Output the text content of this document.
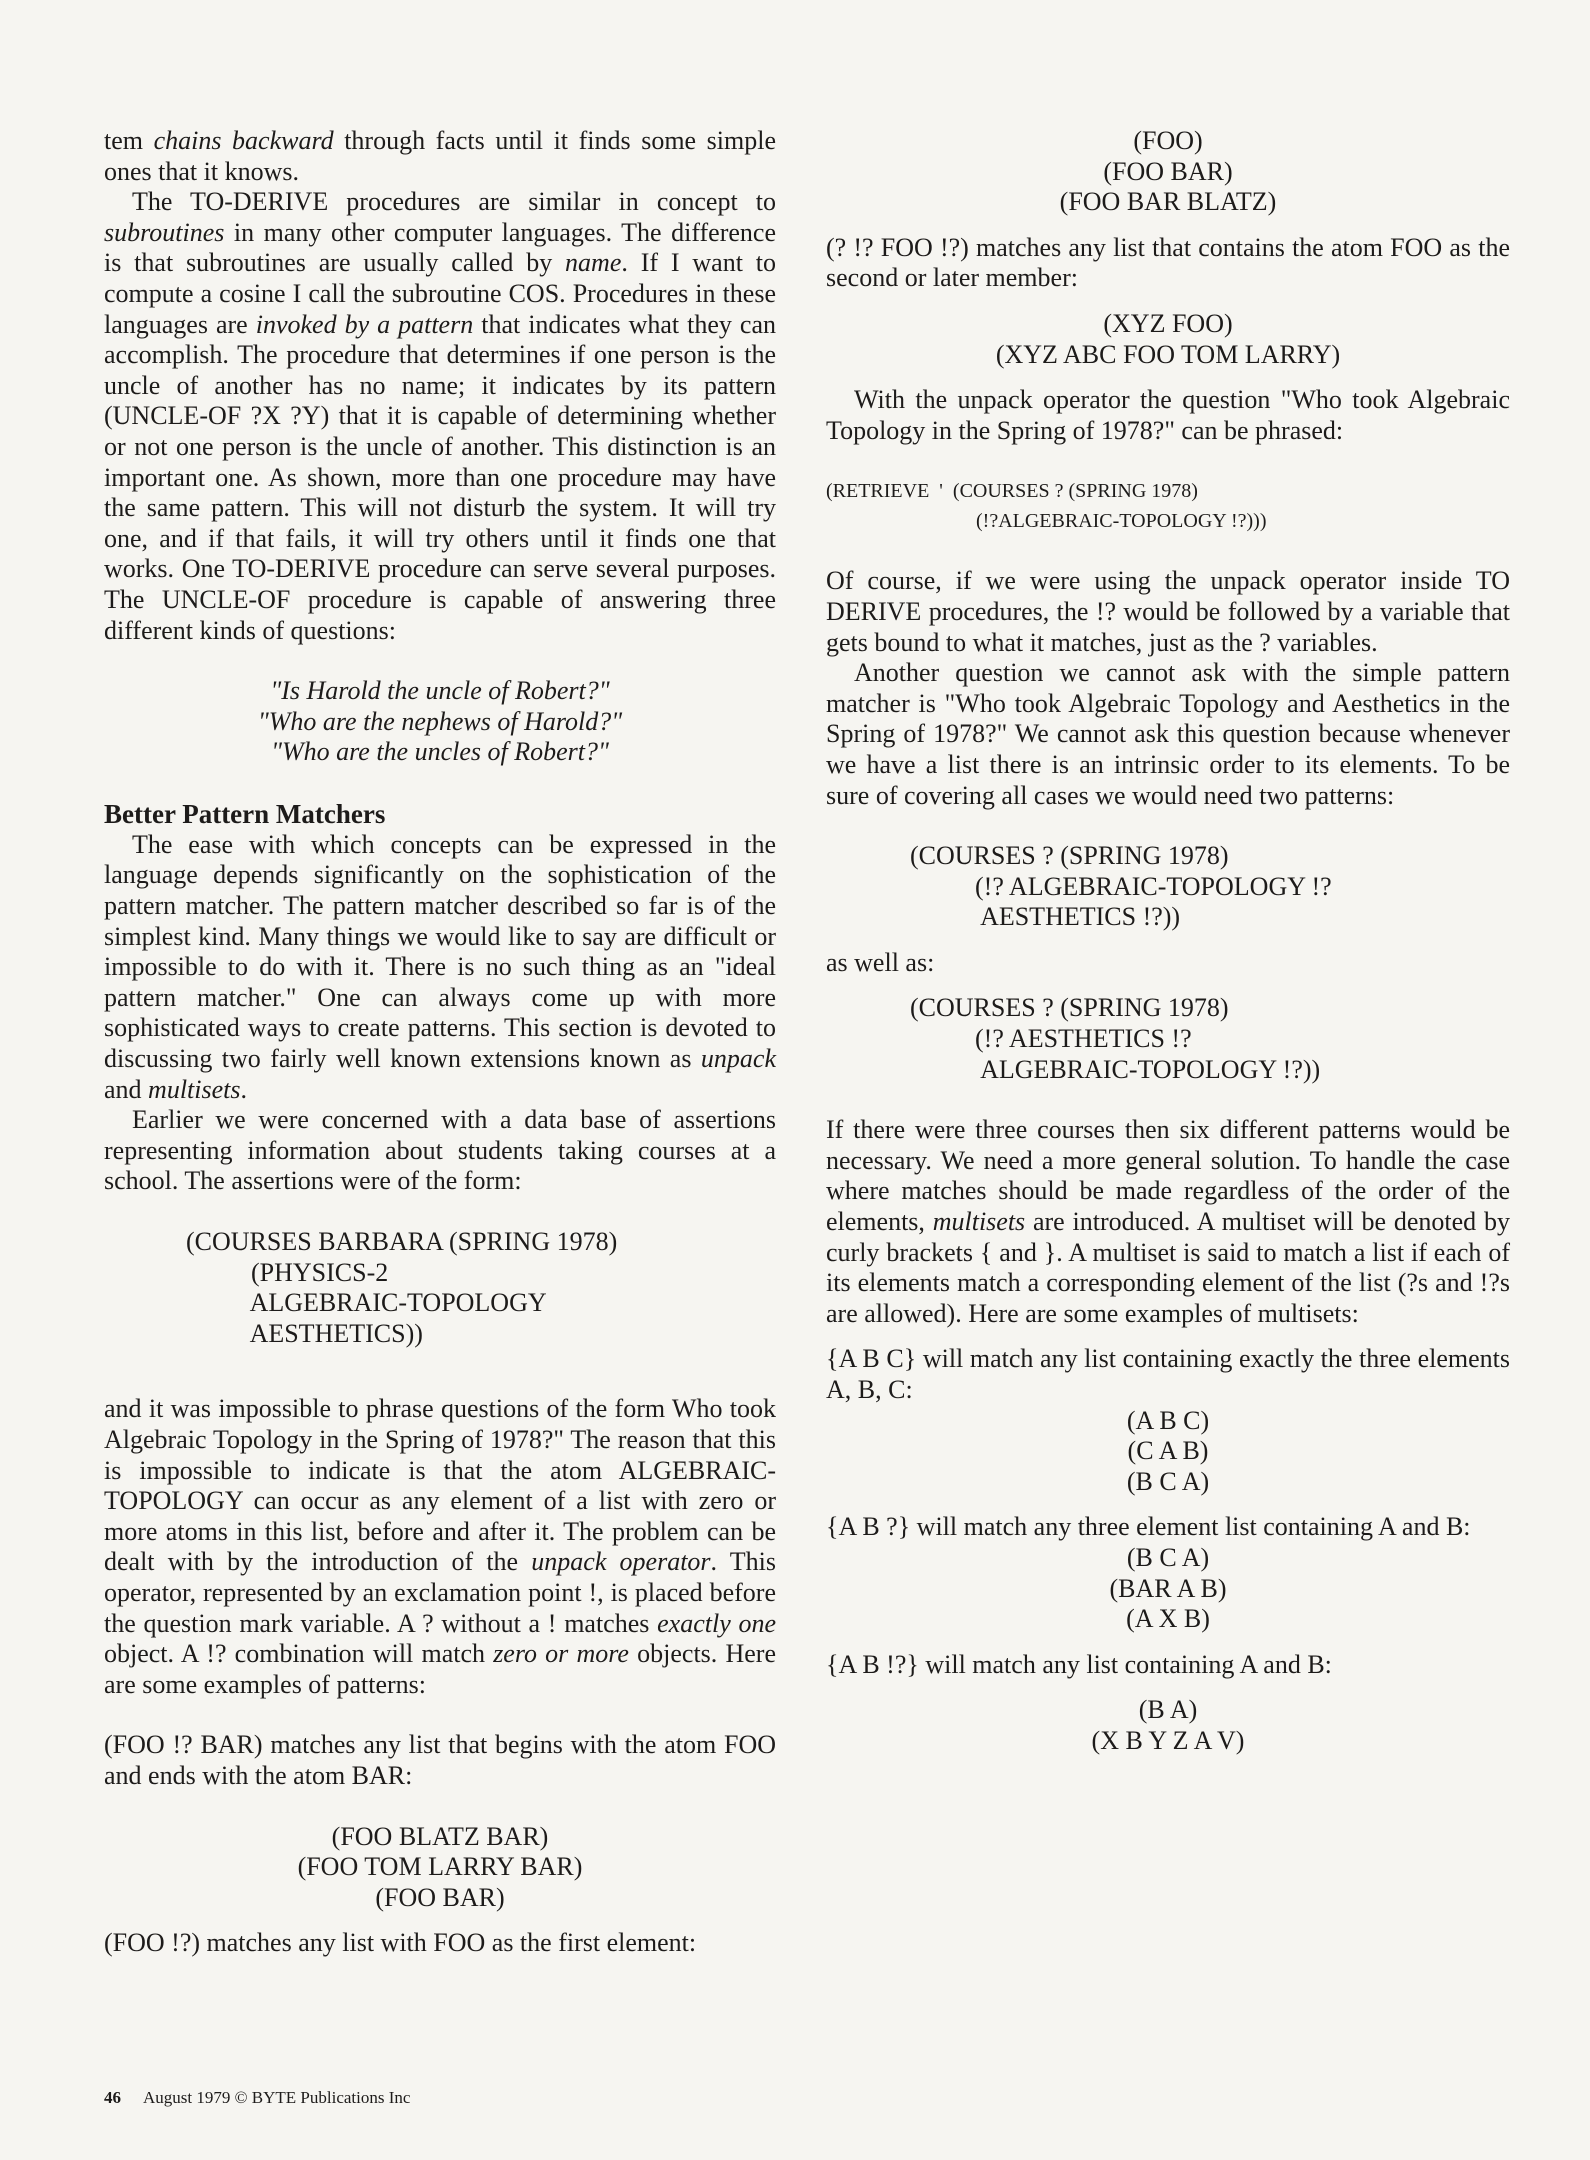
tem chains backward through facts until it finds some simple ones that it knows.

The TO-DERIVE procedures are similar in concept to subroutines in many other computer languages. The difference is that subroutines are usually called by name. If I want to compute a cosine I call the subroutine COS. Procedures in these languages are invoked by a pattern that indicates what they can accomplish. The procedure that determines if one person is the uncle of another has no name; it indicates by its pattern (UNCLE-OF ?X ?Y) that it is capable of determining whether or not one person is the uncle of another. This distinction is an important one. As shown, more than one procedure may have the same pattern. This will not disturb the system. It will try one, and if that fails, it will try others until it finds one that works. One TO-DERIVE procedure can serve several purposes. The UNCLE-OF procedure is capable of answering three different kinds of questions:

"Is Harold the uncle of Robert?"
"Who are the nephews of Harold?"
"Who are the uncles of Robert?"
Better Pattern Matchers

The ease with which concepts can be expressed in the language depends significantly on the sophistication of the pattern matcher. The pattern matcher described so far is of the simplest kind. Many things we would like to say are difficult or impossible to do with it. There is no such thing as an "ideal pattern matcher." One can always come up with more sophisticated ways to create patterns. This section is devoted to discussing two fairly well known extensions known as unpack and multisets.

Earlier we were concerned with a data base of assertions representing information about students taking courses at a school. The assertions were of the form:

(COURSES BARBARA (SPRING 1978)
(PHYSICS-2
ALGEBRAIC-TOPOLOGY
AESTHETICS))

and it was impossible to phrase questions of the form Who took Algebraic Topology in the Spring of 1978?" The reason that this is impossible to indicate is that the atom ALGEBRAIC-TOPOLOGY can occur as any element of a list with zero or more atoms in this list, before and after it. The problem can be dealt with by the introduction of the unpack operator. This operator, represented by an exclamation point !, is placed before the question mark variable. A ? without a ! matches exactly one object. A !? combination will match zero or more objects. Here are some examples of patterns:

(FOO !? BAR) matches any list that begins with the atom FOO and ends with the atom BAR:

(FOO BLATZ BAR)
(FOO TOM LARRY BAR)
(FOO BAR)

(FOO !?) matches any list with FOO as the first element:

(FOO)
(FOO BAR)
(FOO BAR BLATZ)

(? !? FOO !?) matches any list that contains the atom FOO as the second or later member:

(XYZ FOO)
(XYZ ABC FOO TOM LARRY)

With the unpack operator the question "Who took Algebraic Topology in the Spring of 1978?" can be phrased:

(RETRIEVE  '  (COURSES ? (SPRING 1978)
(!?ALGEBRAIC-TOPOLOGY !?)))

Of course, if we were using the unpack operator inside TO DERIVE procedures, the !? would be followed by a variable that gets bound to what it matches, just as the ? variables.

Another question we cannot ask with the simple pattern matcher is "Who took Algebraic Topology and Aesthetics in the Spring of 1978?" We cannot ask this question because whenever we have a list there is an intrinsic order to its elements. To be sure of covering all cases we would need two patterns:

(COURSES ? (SPRING 1978)
(!? ALGEBRAIC-TOPOLOGY !?
AESTHETICS !?))

as well as:

(COURSES ? (SPRING 1978)
(!? AESTHETICS !?
ALGEBRAIC-TOPOLOGY !?))

If there were three courses then six different patterns would be necessary. We need a more general solution. To handle the case where matches should be made regardless of the order of the elements, multisets are introduced. A multiset will be denoted by curly brackets { and }. A multiset is said to match a list if each of its elements match a corresponding element of the list (?s and !?s are allowed). Here are some examples of multisets:

{A B C} will match any list containing exactly the three elements A, B, C:

(A B C)
(C A B)
(B C A)

{A B ?} will match any three element list containing A and B:

(B C A)
(BAR A B)
(A X B)

{A B !?} will match any list containing A and B:

(B A)
(X B Y Z A V)
46 August 1979 © BYTE Publications Inc
